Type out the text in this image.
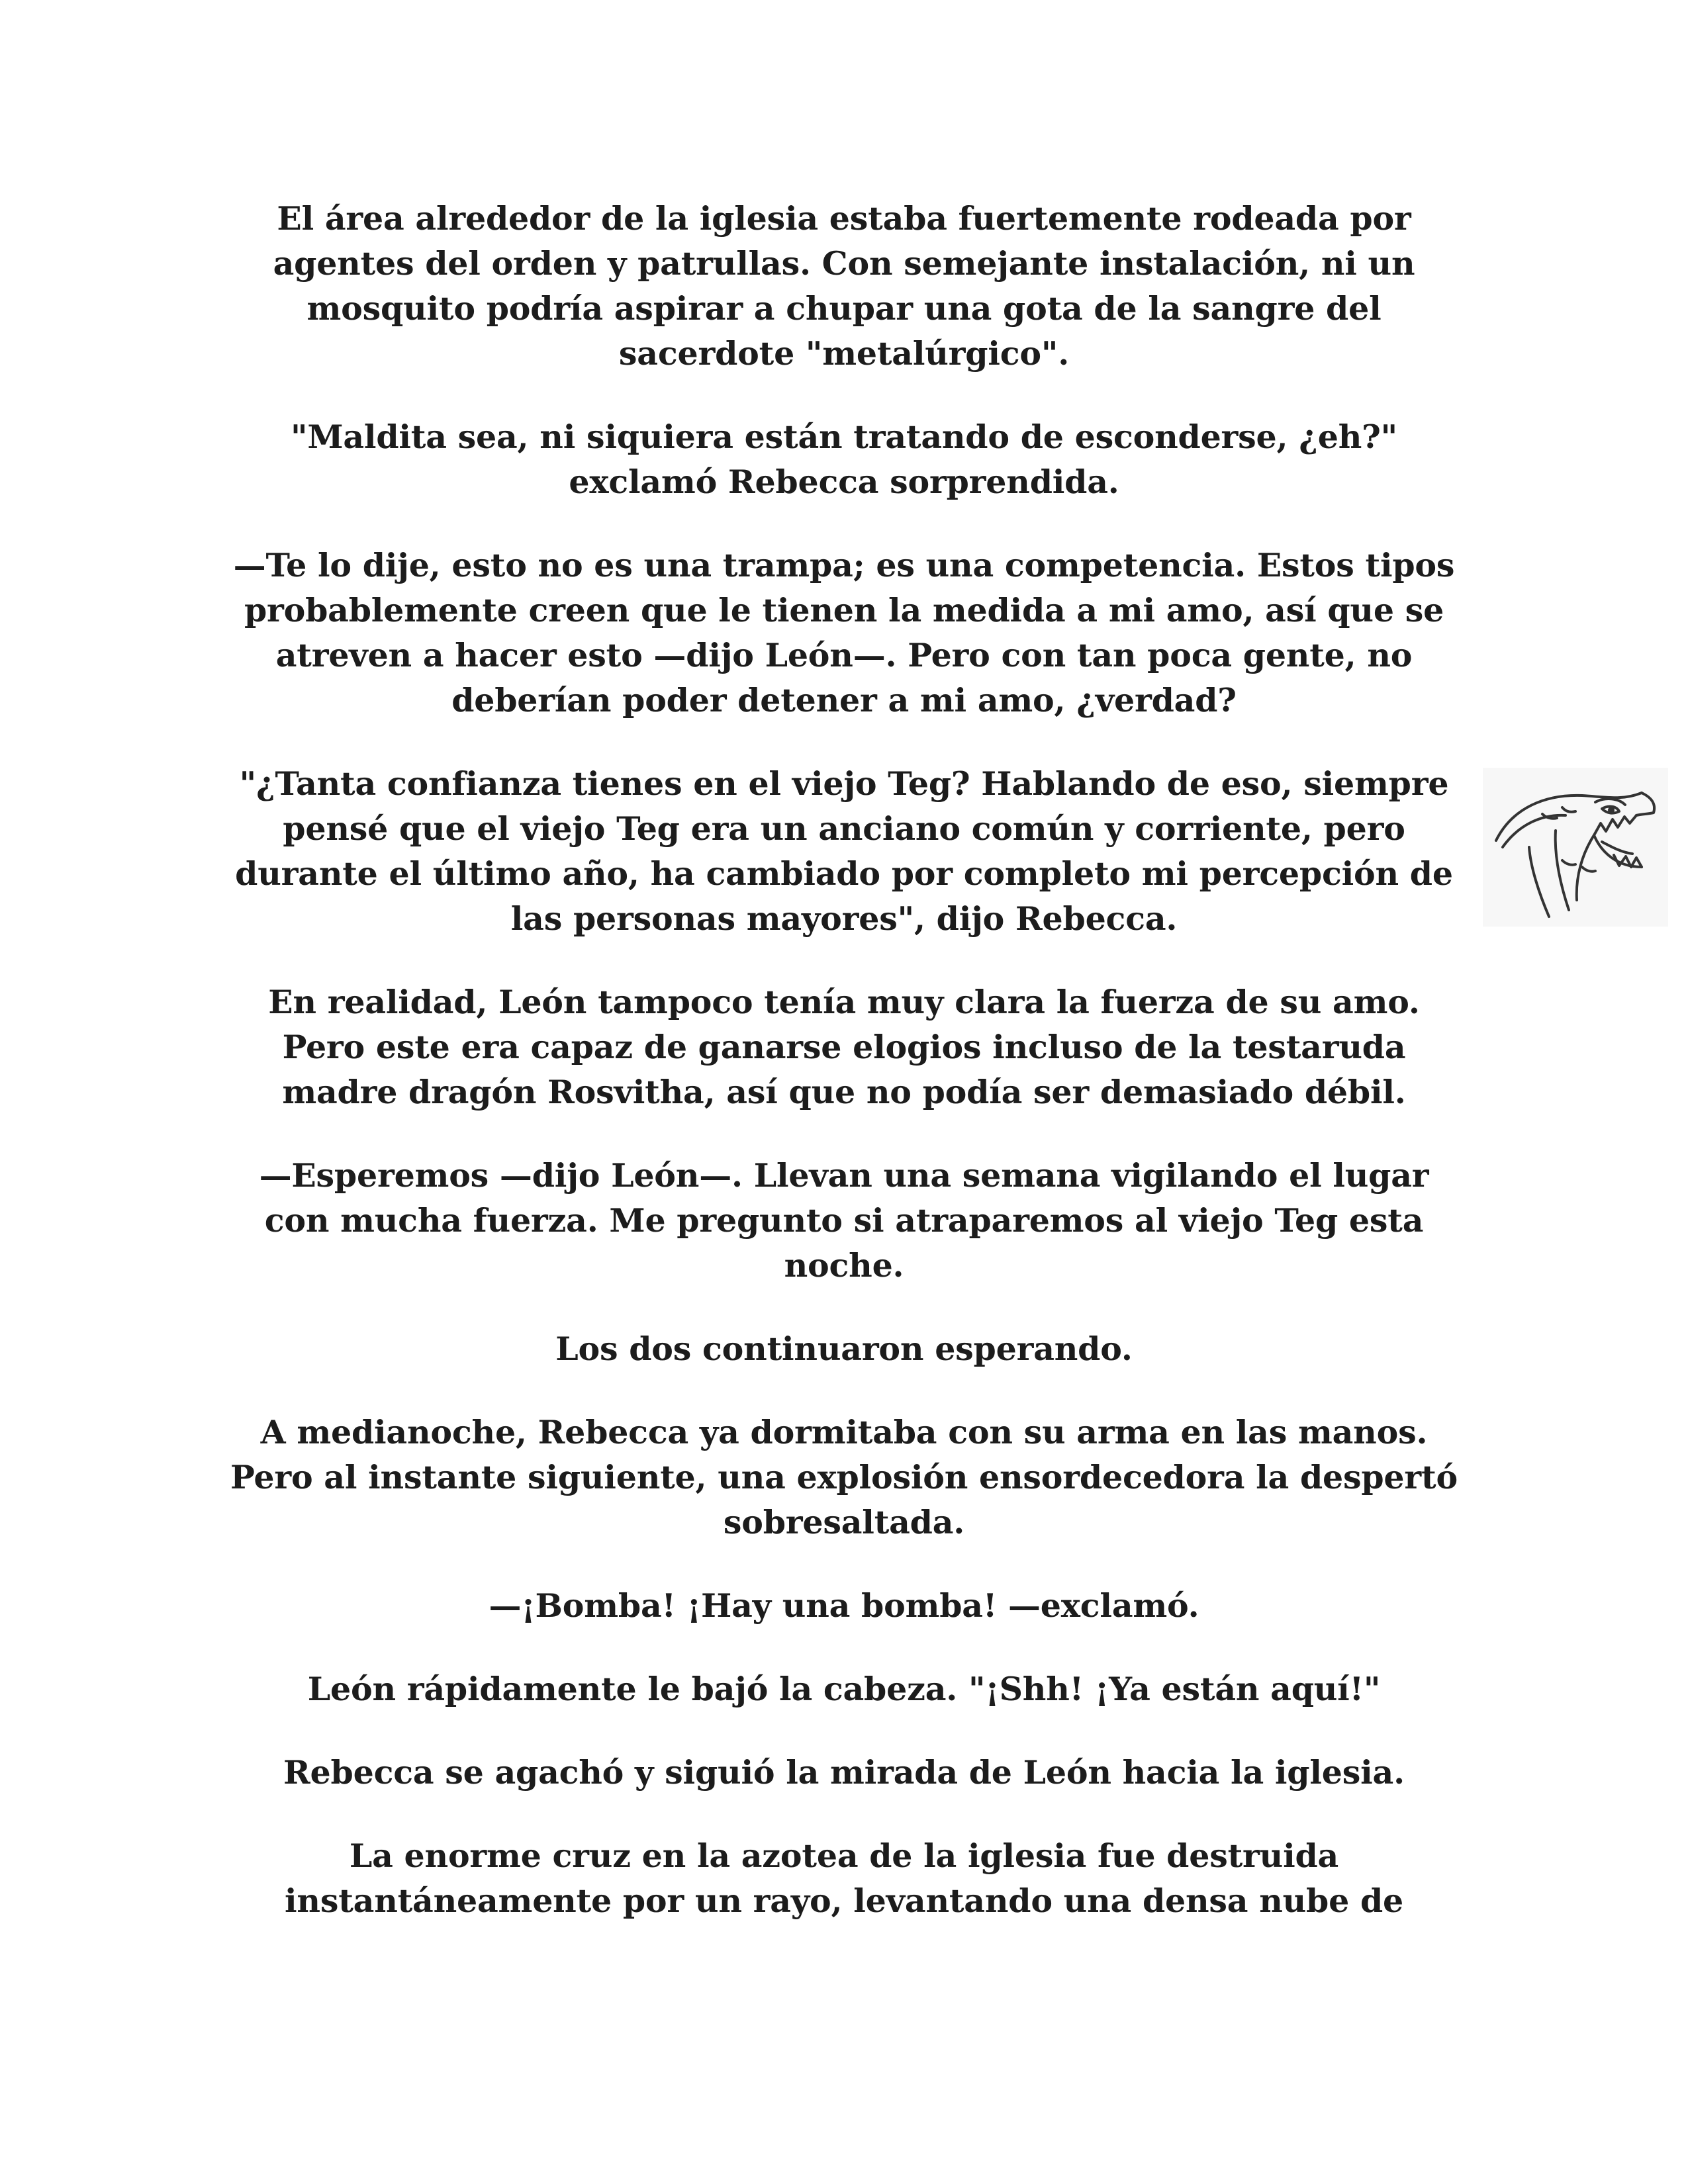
El área alrededor de la iglesia estaba fuertemente rodeada por agentes del orden y patrullas. Con semejante instalación, ni un mosquito podría aspirar a chupar una gota de la sangre del sacerdote "metalúrgico".

"Maldita sea, ni siquiera están tratando de esconderse, ¿eh?" exclamó Rebecca sorprendida.

—Te lo dije, esto no es una trampa; es una competencia. Estos tipos probablemente creen que le tienen la medida a mi amo, así que se atreven a hacer esto —dijo León—. Pero con tan poca gente, no deberían poder detener a mi amo, ¿verdad?

"¿Tanta confianza tienes en el viejo Teg? Hablando de eso, siempre pensé que el viejo Teg era un anciano común y corriente, pero durante el último año, ha cambiado por completo mi percepción de las personas mayores", dijo Rebecca.

En realidad, León tampoco tenía muy clara la fuerza de su amo. Pero este era capaz de ganarse elogios incluso de la testaruda madre dragón Rosvitha, así que no podía ser demasiado débil.

—Esperemos —dijo León—. Llevan una semana vigilando el lugar con mucha fuerza. Me pregunto si atraparemos al viejo Teg esta noche.

Los dos continuaron esperando.

A medianoche, Rebecca ya dormitaba con su arma en las manos. Pero al instante siguiente, una explosión ensordecedora la despertó sobresaltada.

—¡Bomba! ¡Hay una bomba! —exclamó.

León rápidamente le bajó la cabeza. "¡Shh! ¡Ya están aquí!"

Rebecca se agachó y siguió la mirada de León hacia la iglesia.

La enorme cruz en la azotea de la iglesia fue destruida instantáneamente por un rayo, levantando una densa nube de
